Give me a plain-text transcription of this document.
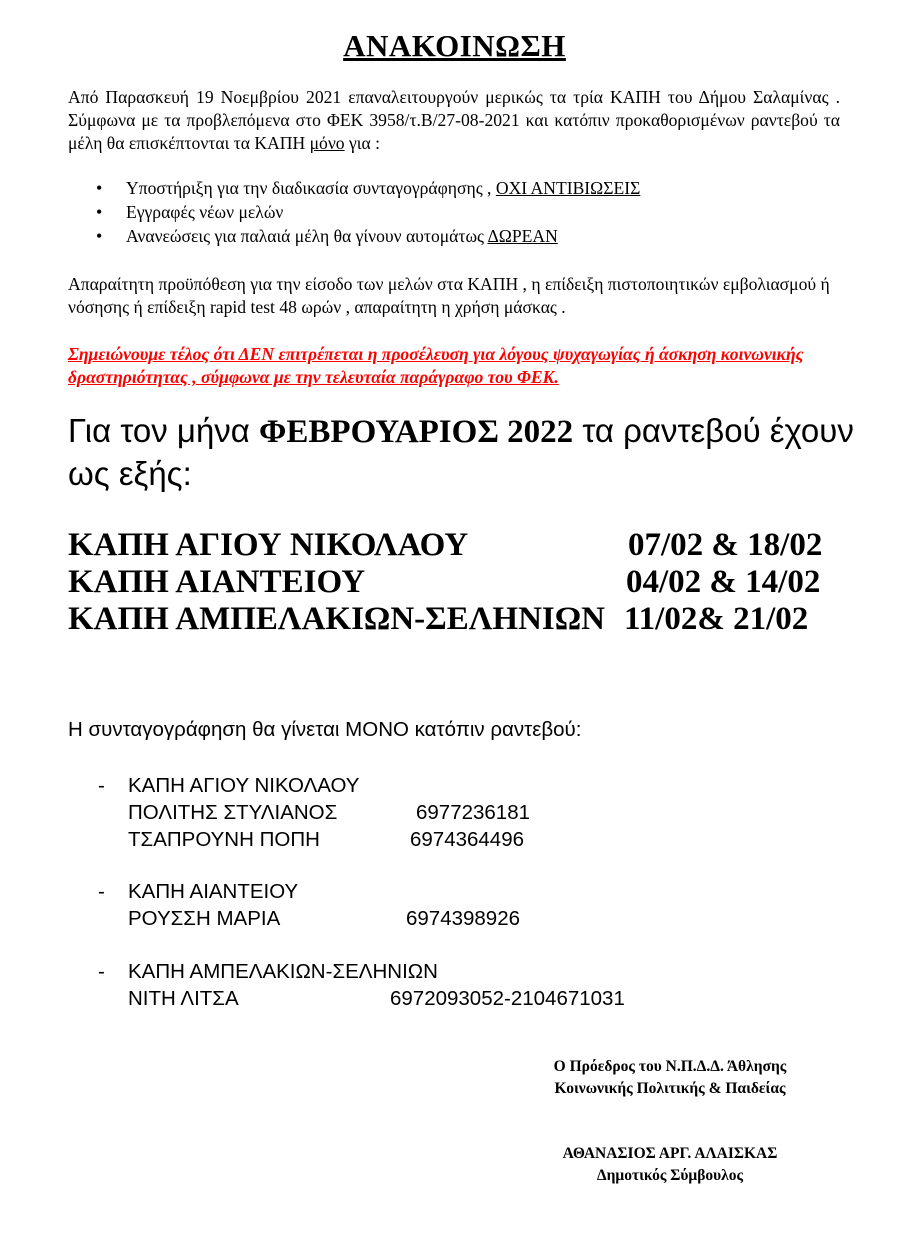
ΑΝΑΚΟΙΝΩΣΗ
Από Παρασκευή 19 Νοεμβρίου 2021 επαναλειτουργούν μερικώς τα τρία ΚΑΠΗ του Δήμου Σαλαμίνας . Σύμφωνα με τα προβλεπόμενα στο ΦΕΚ 3958/τ.Β/27-08-2021 και κατόπιν προκαθορισμένων ραντεβού τα μέλη θα επισκέπτονται τα ΚΑΠΗ μόνο για :
• Υποστήριξη για την διαδικασία συνταγογράφησης , ΟΧΙ ΑΝΤΙΒΙΩΣΕΙΣ
• Εγγραφές νέων μελών
• Ανανεώσεις για παλαιά μέλη θα γίνουν αυτομάτως ΔΩΡΕΑΝ
Απαραίτητη προϋπόθεση για την είσοδο των μελών στα ΚΑΠΗ , η επίδειξη πιστοποιητικών εμβολιασμού ή νόσησης ή επίδειξη rapid test 48 ωρών , απαραίτητη η χρήση μάσκας .
Σημειώνουμε τέλος ότι ΔΕΝ επιτρέπεται η προσέλευση για λόγους ψυχαγωγίας ή άσκηση κοινωνικής δραστηριότητας , σύμφωνα με την τελευταία παράγραφο του ΦΕΚ.
Για τον μήνα ΦΕΒΡΟΥΑΡΙΟΣ 2022 τα ραντεβού έχουν ως εξής:
ΚΑΠΗ ΑΓΙΟΥ ΝΙΚΟΛΑΟΥ	07/02 & 18/02
ΚΑΠΗ ΑΙΑΝΤΕΙΟΥ	04/02 & 14/02
ΚΑΠΗ ΑΜΠΕΛΑΚΙΩΝ-ΣΕΛΗΝΙΩΝ 11/02& 21/02
Η συνταγογράφηση θα γίνεται ΜΟΝΟ κατόπιν ραντεβού:
- ΚΑΠΗ ΑΓΙΟΥ ΝΙΚΟΛΑΟΥ
ΠΟΛΙΤΗΣ ΣΤΥΛΙΑΝΟΣ	6977236181
ΤΣΑΠΡΟΥΝΗ ΠΟΠΗ	6974364496
- ΚΑΠΗ ΑΙΑΝΤΕΙΟΥ
ΡΟΥΣΣΗ ΜΑΡΙΑ	6974398926
- ΚΑΠΗ ΑΜΠΕΛΑΚΙΩΝ-ΣΕΛΗΝΙΩΝ
ΝΙΤΗ ΛΙΤΣΑ	6972093052-2104671031
Ο Πρόεδρος του Ν.Π.Δ.Δ. Άθλησης
Κοινωνικής Πολιτικής & Παιδείας
ΑΘΑΝΑΣΙΟΣ ΑΡΓ. ΑΛΑΙΣΚΑΣ
Δημοτικός Σύμβουλος
